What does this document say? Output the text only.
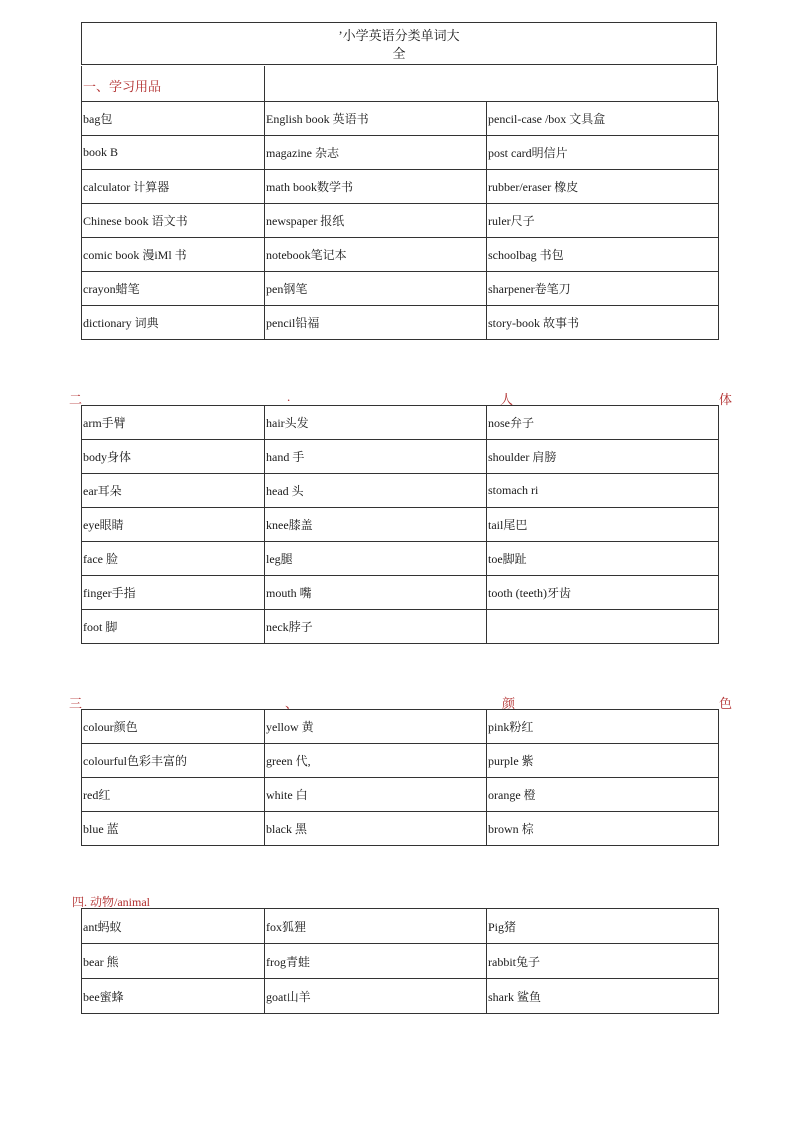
’小学英语分类单词大
全
一、学习用品
bag包	English book 英语书	pencil-case /box 文具盒
book B	magazine 杂志	post card明信片
calculator 计算器	math book数学书	rubber/eraser 橡皮
Chinese book 语文书	newspaper 报纸	ruler尺子
comic book 漫iMl 书	notebook笔记本	schoolbag 书包
crayon蜡笔	pen钢笔	sharpener卷笔刀
dictionary 词典	pencil铅福	story-book 故事书
二	.	人	体
arm手臂	hair头发	nose弁子
body身体	hand 手	shoulder 肩膀
ear耳朵	head 头	stomach ri
eye眼睛	knee膝盖	tail尾巴
face 脸	leg腿	toe脚趾
finger手指	mouth 嘴	tooth (teeth)牙齿
foot 脚	neck脖子	
三	、	颜	色
colour颜色	yellow 黄	pink粉红
colourful色彩丰富的	green 代,	purple 紫
red红	white 白	orange 橙
blue 蓝	black 黑	brown 棕
四. 动物/animal
ant蚂蚁	fox狐狸	Pig猪
bear 熊	frog青蛙	rabbit兔子
bee蜜蜂	goat山羊	shark 鲨鱼
